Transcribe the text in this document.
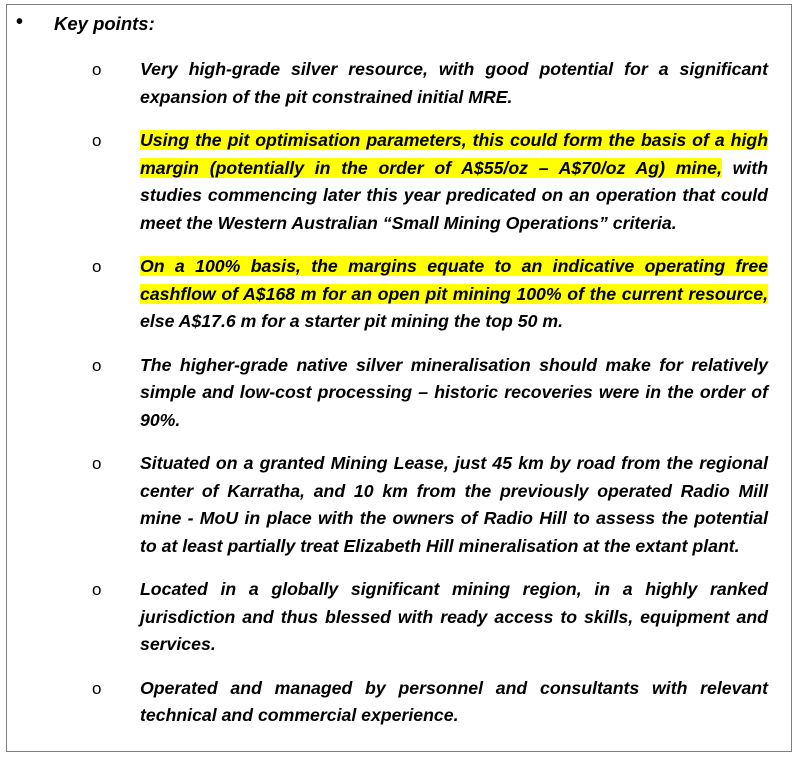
• Key points:
o Very high-grade silver resource, with good potential for a significant expansion of the pit constrained initial MRE.
o Using the pit optimisation parameters, this could form the basis of a high margin (potentially in the order of A$55/oz – A$70/oz Ag) mine, with studies commencing later this year predicated on an operation that could meet the Western Australian “Small Mining Operations” criteria.
o On a 100% basis, the margins equate to an indicative operating free cashflow of A$168 m for an open pit mining 100% of the current resource, else A$17.6 m for a starter pit mining the top 50 m.
o The higher-grade native silver mineralisation should make for relatively simple and low-cost processing – historic recoveries were in the order of 90%.
o Situated on a granted Mining Lease, just 45 km by road from the regional center of Karratha, and 10 km from the previously operated Radio Mill mine - MoU in place with the owners of Radio Hill to assess the potential to at least partially treat Elizabeth Hill mineralisation at the extant plant.
o Located in a globally significant mining region, in a highly ranked jurisdiction and thus blessed with ready access to skills, equipment and services.
o Operated and managed by personnel and consultants with relevant technical and commercial experience.
